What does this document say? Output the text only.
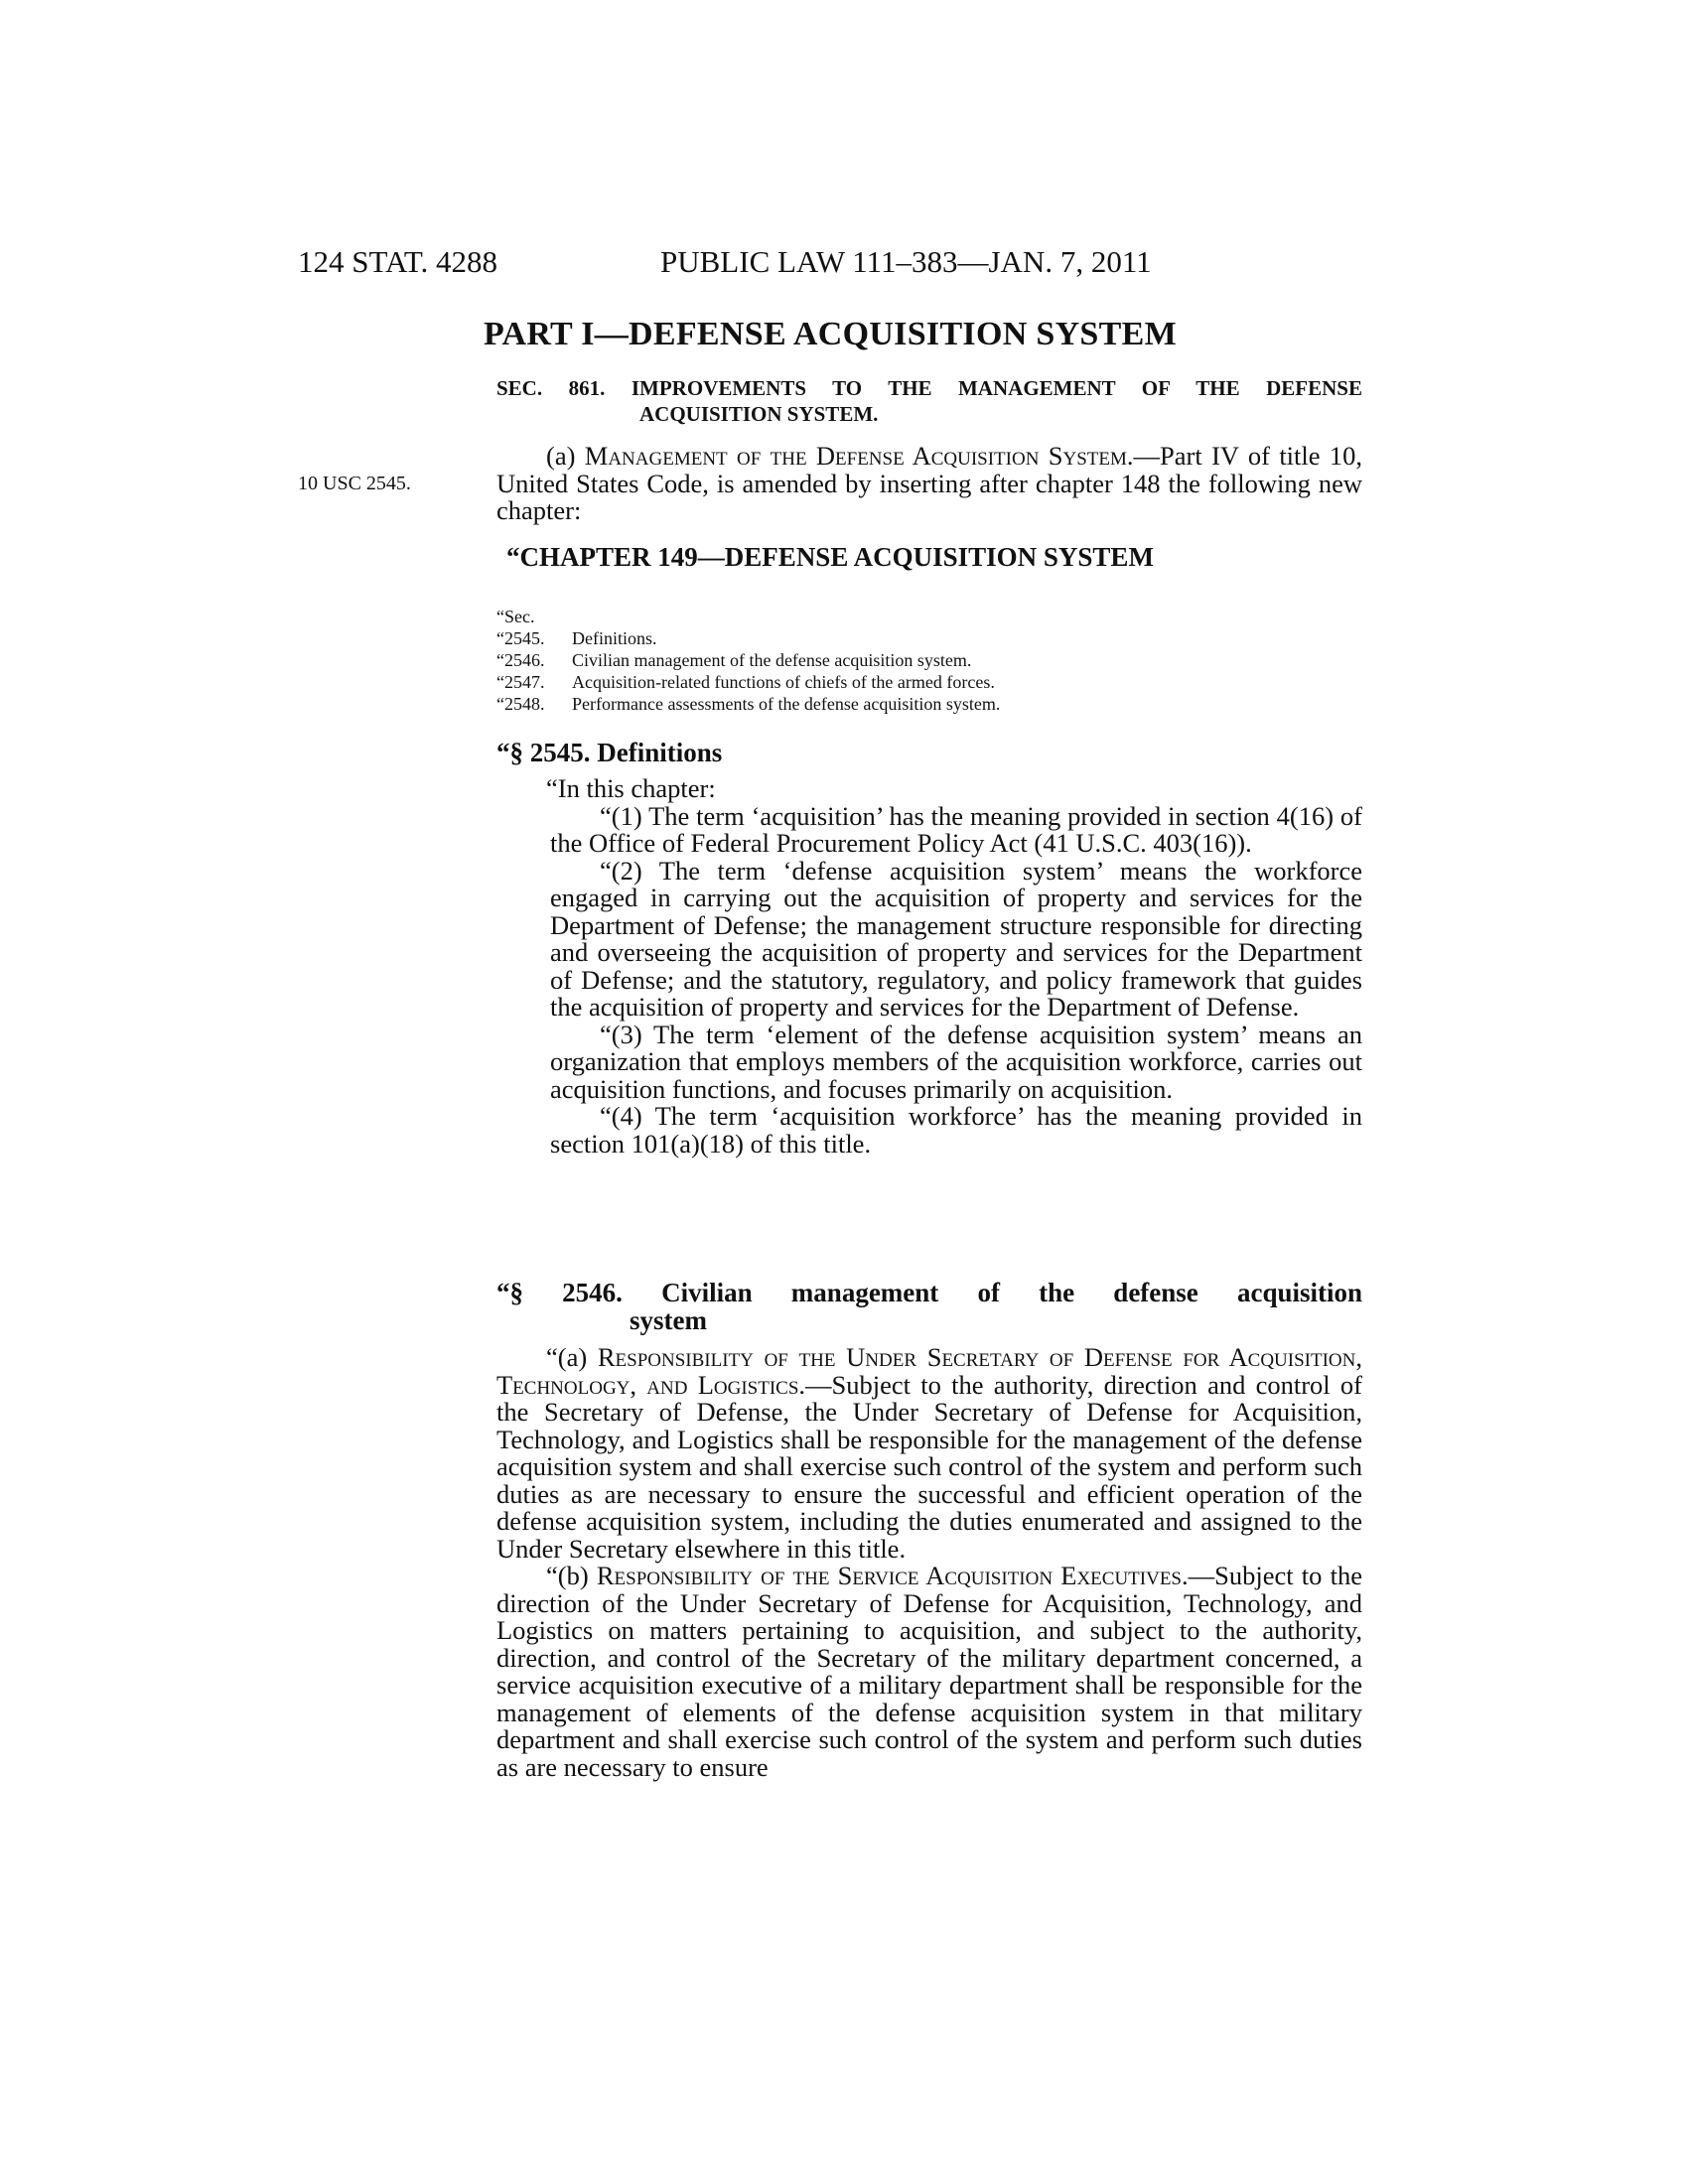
124 STAT. 4288	PUBLIC LAW 111–383—JAN. 7, 2011
PART I—DEFENSE ACQUISITION SYSTEM
SEC. 861. IMPROVEMENTS TO THE MANAGEMENT OF THE DEFENSE
ACQUISITION SYSTEM.
10 USC 2545.

(a) Management of the Defense Acquisition System.—Part IV of title 10, United States Code, is amended by inserting after chapter 148 the following new chapter:

“CHAPTER 149—DEFENSE ACQUISITION SYSTEM
“Sec.
“2545. Definitions.
“2546. Civilian management of the defense acquisition system.
“2547. Acquisition-related functions of chiefs of the armed forces.
“2548. Performance assessments of the defense acquisition system.
“§ 2545. Definitions

“In this chapter:

“(1) The term ‘acquisition’ has the meaning provided in section 4(16) of the Office of Federal Procurement Policy Act (41 U.S.C. 403(16)).

“(2) The term ‘defense acquisition system’ means the workforce engaged in carrying out the acquisition of property and services for the Department of Defense; the management structure responsible for directing and overseeing the acquisition of property and services for the Department of Defense; and the statutory, regulatory, and policy framework that guides the acquisition of property and services for the Department of Defense.

“(3) The term ‘element of the defense acquisition system’ means an organization that employs members of the acquisition workforce, carries out acquisition functions, and focuses primarily on acquisition.

“(4) The term ‘acquisition workforce’ has the meaning provided in section 101(a)(18) of this title.

“§ 2546. Civilian management of the defense acquisition
system

“(a) Responsibility of the Under Secretary of Defense for Acquisition, Technology, and Logistics.—Subject to the authority, direction and control of the Secretary of Defense, the Under Secretary of Defense for Acquisition, Technology, and Logistics shall be responsible for the management of the defense acquisition system and shall exercise such control of the system and perform such duties as are necessary to ensure the successful and efficient operation of the defense acquisition system, including the duties enumerated and assigned to the Under Secretary elsewhere in this title.

“(b) Responsibility of the Service Acquisition Executives.—Subject to the direction of the Under Secretary of Defense for Acquisition, Technology, and Logistics on matters pertaining to acquisition, and subject to the authority, direction, and control of the Secretary of the military department concerned, a service acquisition executive of a military department shall be responsible for the management of elements of the defense acquisition system in that military department and shall exercise such control of the system and perform such duties as are necessary to ensure
